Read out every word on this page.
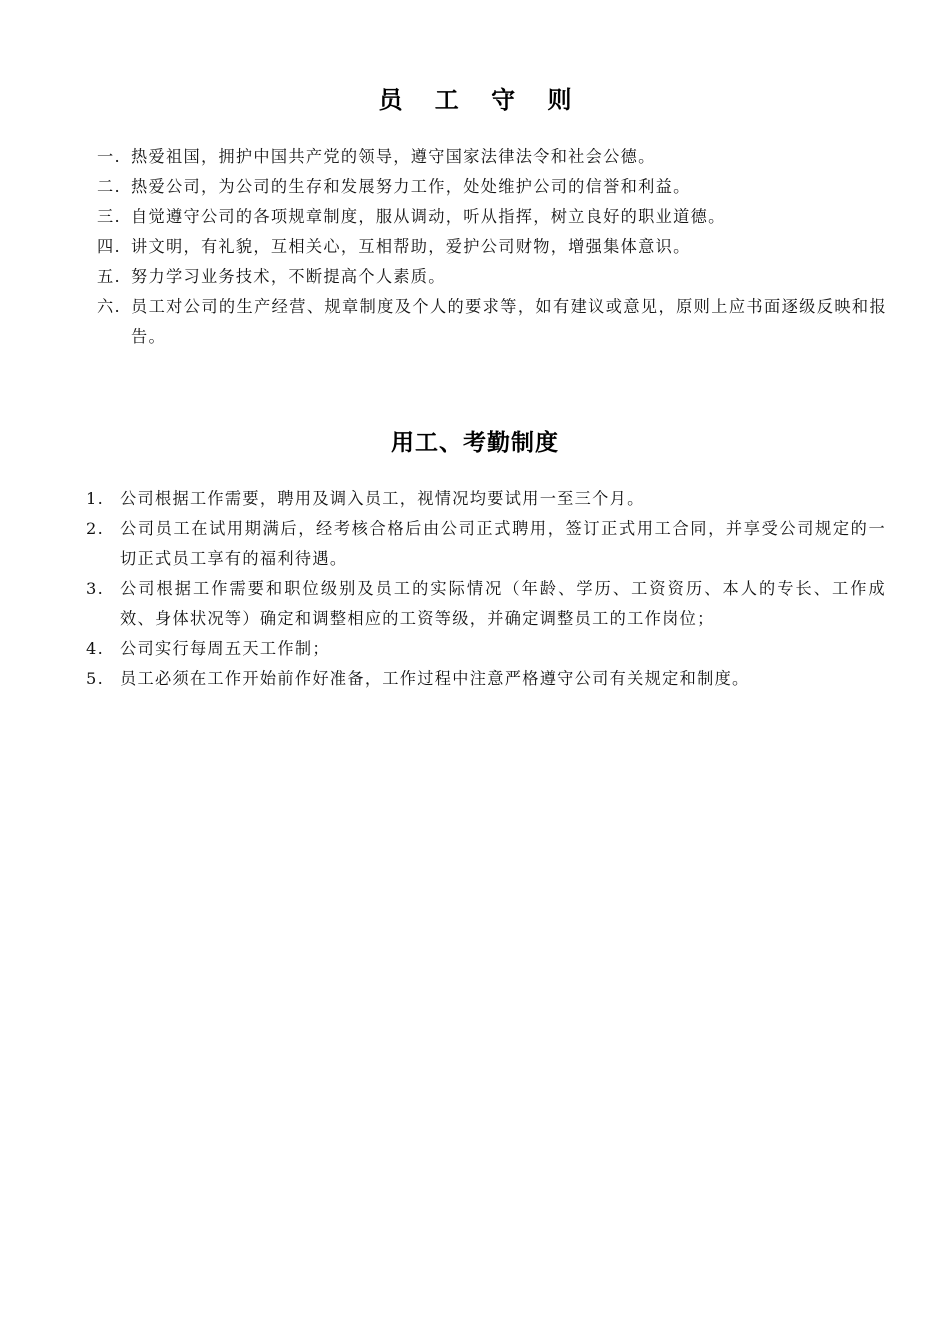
员 工 守 则
一. 热爱祖国，拥护中国共产党的领导，遵守国家法律法令和社会公德。
二. 热爱公司，为公司的生存和发展努力工作，处处维护公司的信誉和利益。
三. 自觉遵守公司的各项规章制度，服从调动，听从指挥，树立良好的职业道德。
四. 讲文明，有礼貌，互相关心，互相帮助，爱护公司财物，增强集体意识。
五. 努力学习业务技术，不断提高个人素质。
六. 员工对公司的生产经营、规章制度及个人的要求等，如有建议或意见，原则上应书面逐级反映和报告。
用工、考勤制度
1. 公司根据工作需要，聘用及调入员工，视情况均要试用一至三个月。
2. 公司员工在试用期满后，经考核合格后由公司正式聘用，签订正式用工合同，并享受公司规定的一切正式员工享有的福利待遇。
3. 公司根据工作需要和职位级别及员工的实际情况（年龄、学历、工资资历、本人的专长、工作成效、身体状况等）确定和调整相应的工资等级，并确定调整员工的工作岗位；
4. 公司实行每周五天工作制；
5. 员工必须在工作开始前作好准备，工作过程中注意严格遵守公司有关规定和制度。
